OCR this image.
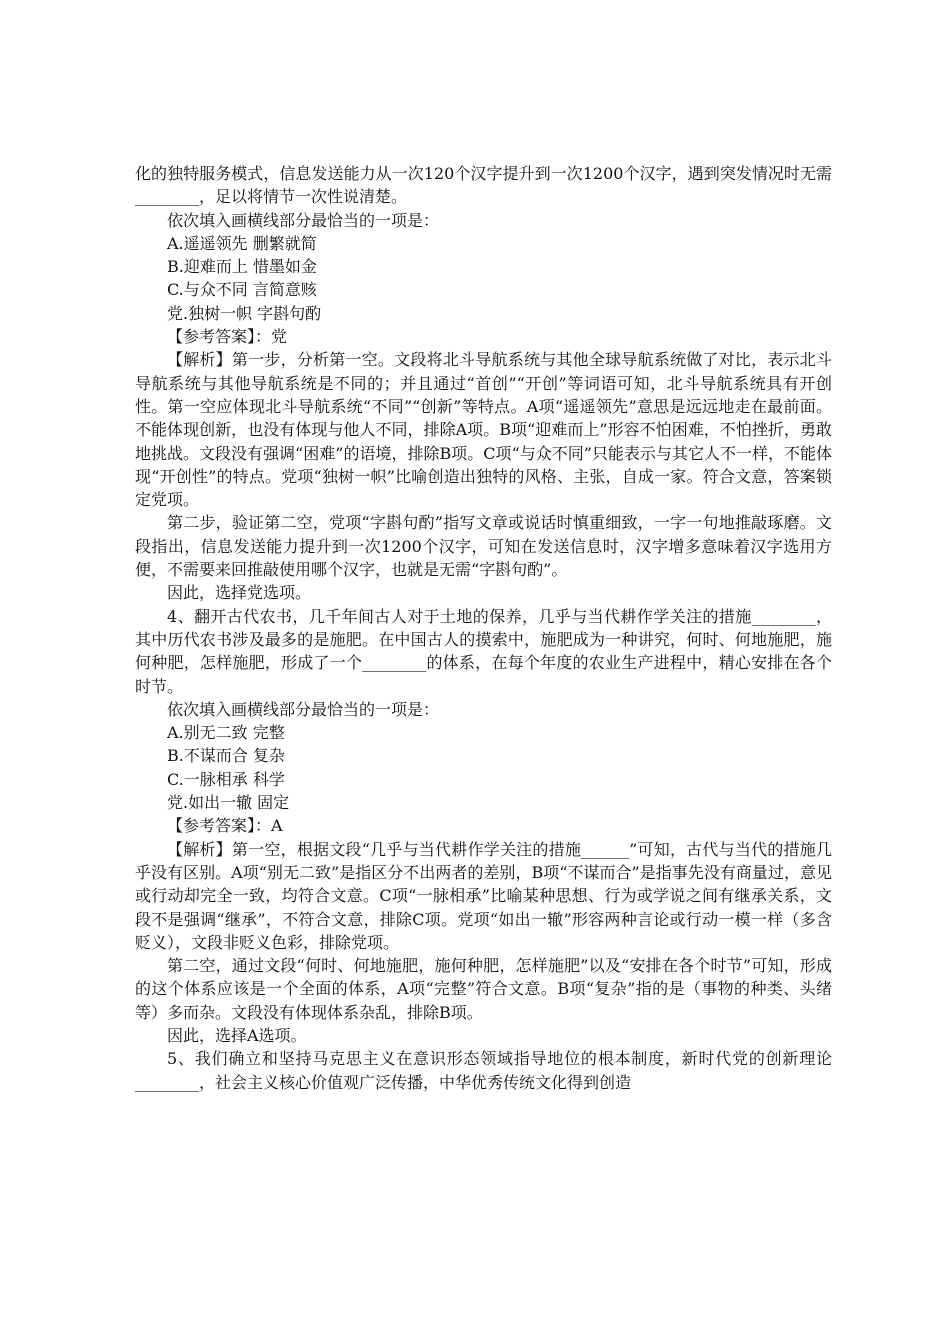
化的独特服务模式，信息发送能力从一次120个汉字提升到一次1200个汉字，遇到突发情况时无需________，足以将情节一次性说清楚。

依次填入画横线部分最恰当的一项是：

A.遥遥领先 删繁就简

B.迎难而上 惜墨如金

C.与众不同 言简意赅

党.独树一帜 字斟句酌

【参考答案】：党

【解析】第一步，分析第一空。文段将北斗导航系统与其他全球导航系统做了对比，表示北斗导航系统与其他导航系统是不同的；并且通过“首创”“开创”等词语可知，北斗导航系统具有开创性。第一空应体现北斗导航系统“不同”“创新”等特点。A项“遥遥领先”意思是远远地走在最前面。不能体现创新，也没有体现与他人不同，排除A项。B项“迎难而上”形容不怕困难，不怕挫折，勇敢地挑战。文段没有强调“困难”的语境，排除B项。C项“与众不同”只能表示与其它人不一样，不能体现“开创性”的特点。党项“独树一帜”比喻创造出独特的风格、主张，自成一家。符合文意，答案锁定党项。

第二步，验证第二空，党项“字斟句酌”指写文章或说话时慎重细致，一字一句地推敲琢磨。文段指出，信息发送能力提升到一次1200个汉字，可知在发送信息时，汉字增多意味着汉字选用方便，不需要来回推敲使用哪个汉字，也就是无需“字斟句酌”。

因此，选择党选项。

4、翻开古代农书，几千年间古人对于土地的保养，几乎与当代耕作学关注的措施________，其中历代农书涉及最多的是施肥。在中国古人的摸索中，施肥成为一种讲究，何时、何地施肥，施何种肥，怎样施肥，形成了一个________的体系，在每个年度的农业生产进程中，精心安排在各个时节。

依次填入画横线部分最恰当的一项是：

A.别无二致 完整

B.不谋而合 复杂

C.一脉相承 科学

党.如出一辙 固定

【参考答案】：A

【解析】第一空，根据文段“几乎与当代耕作学关注的措施______”可知，古代与当代的措施几乎没有区别。A项“别无二致”是指区分不出两者的差别，B项“不谋而合”是指事先没有商量过，意见或行动却完全一致，均符合文意。C项“一脉相承”比喻某种思想、行为或学说之间有继承关系，文段不是强调“继承”，不符合文意，排除C项。党项“如出一辙”形容两种言论或行动一模一样（多含贬义），文段非贬义色彩，排除党项。

第二空，通过文段“何时、何地施肥，施何种肥，怎样施肥”以及“安排在各个时节”可知，形成的这个体系应该是一个全面的体系，A项“完整”符合文意。B项“复杂”指的是（事物的种类、头绪等）多而杂。文段没有体现体系杂乱，排除B项。

因此，选择A选项。

5、我们确立和坚持马克思主义在意识形态领域指导地位的根本制度，新时代党的创新理论________，社会主义核心价值观广泛传播，中华优秀传统文化得到创造
